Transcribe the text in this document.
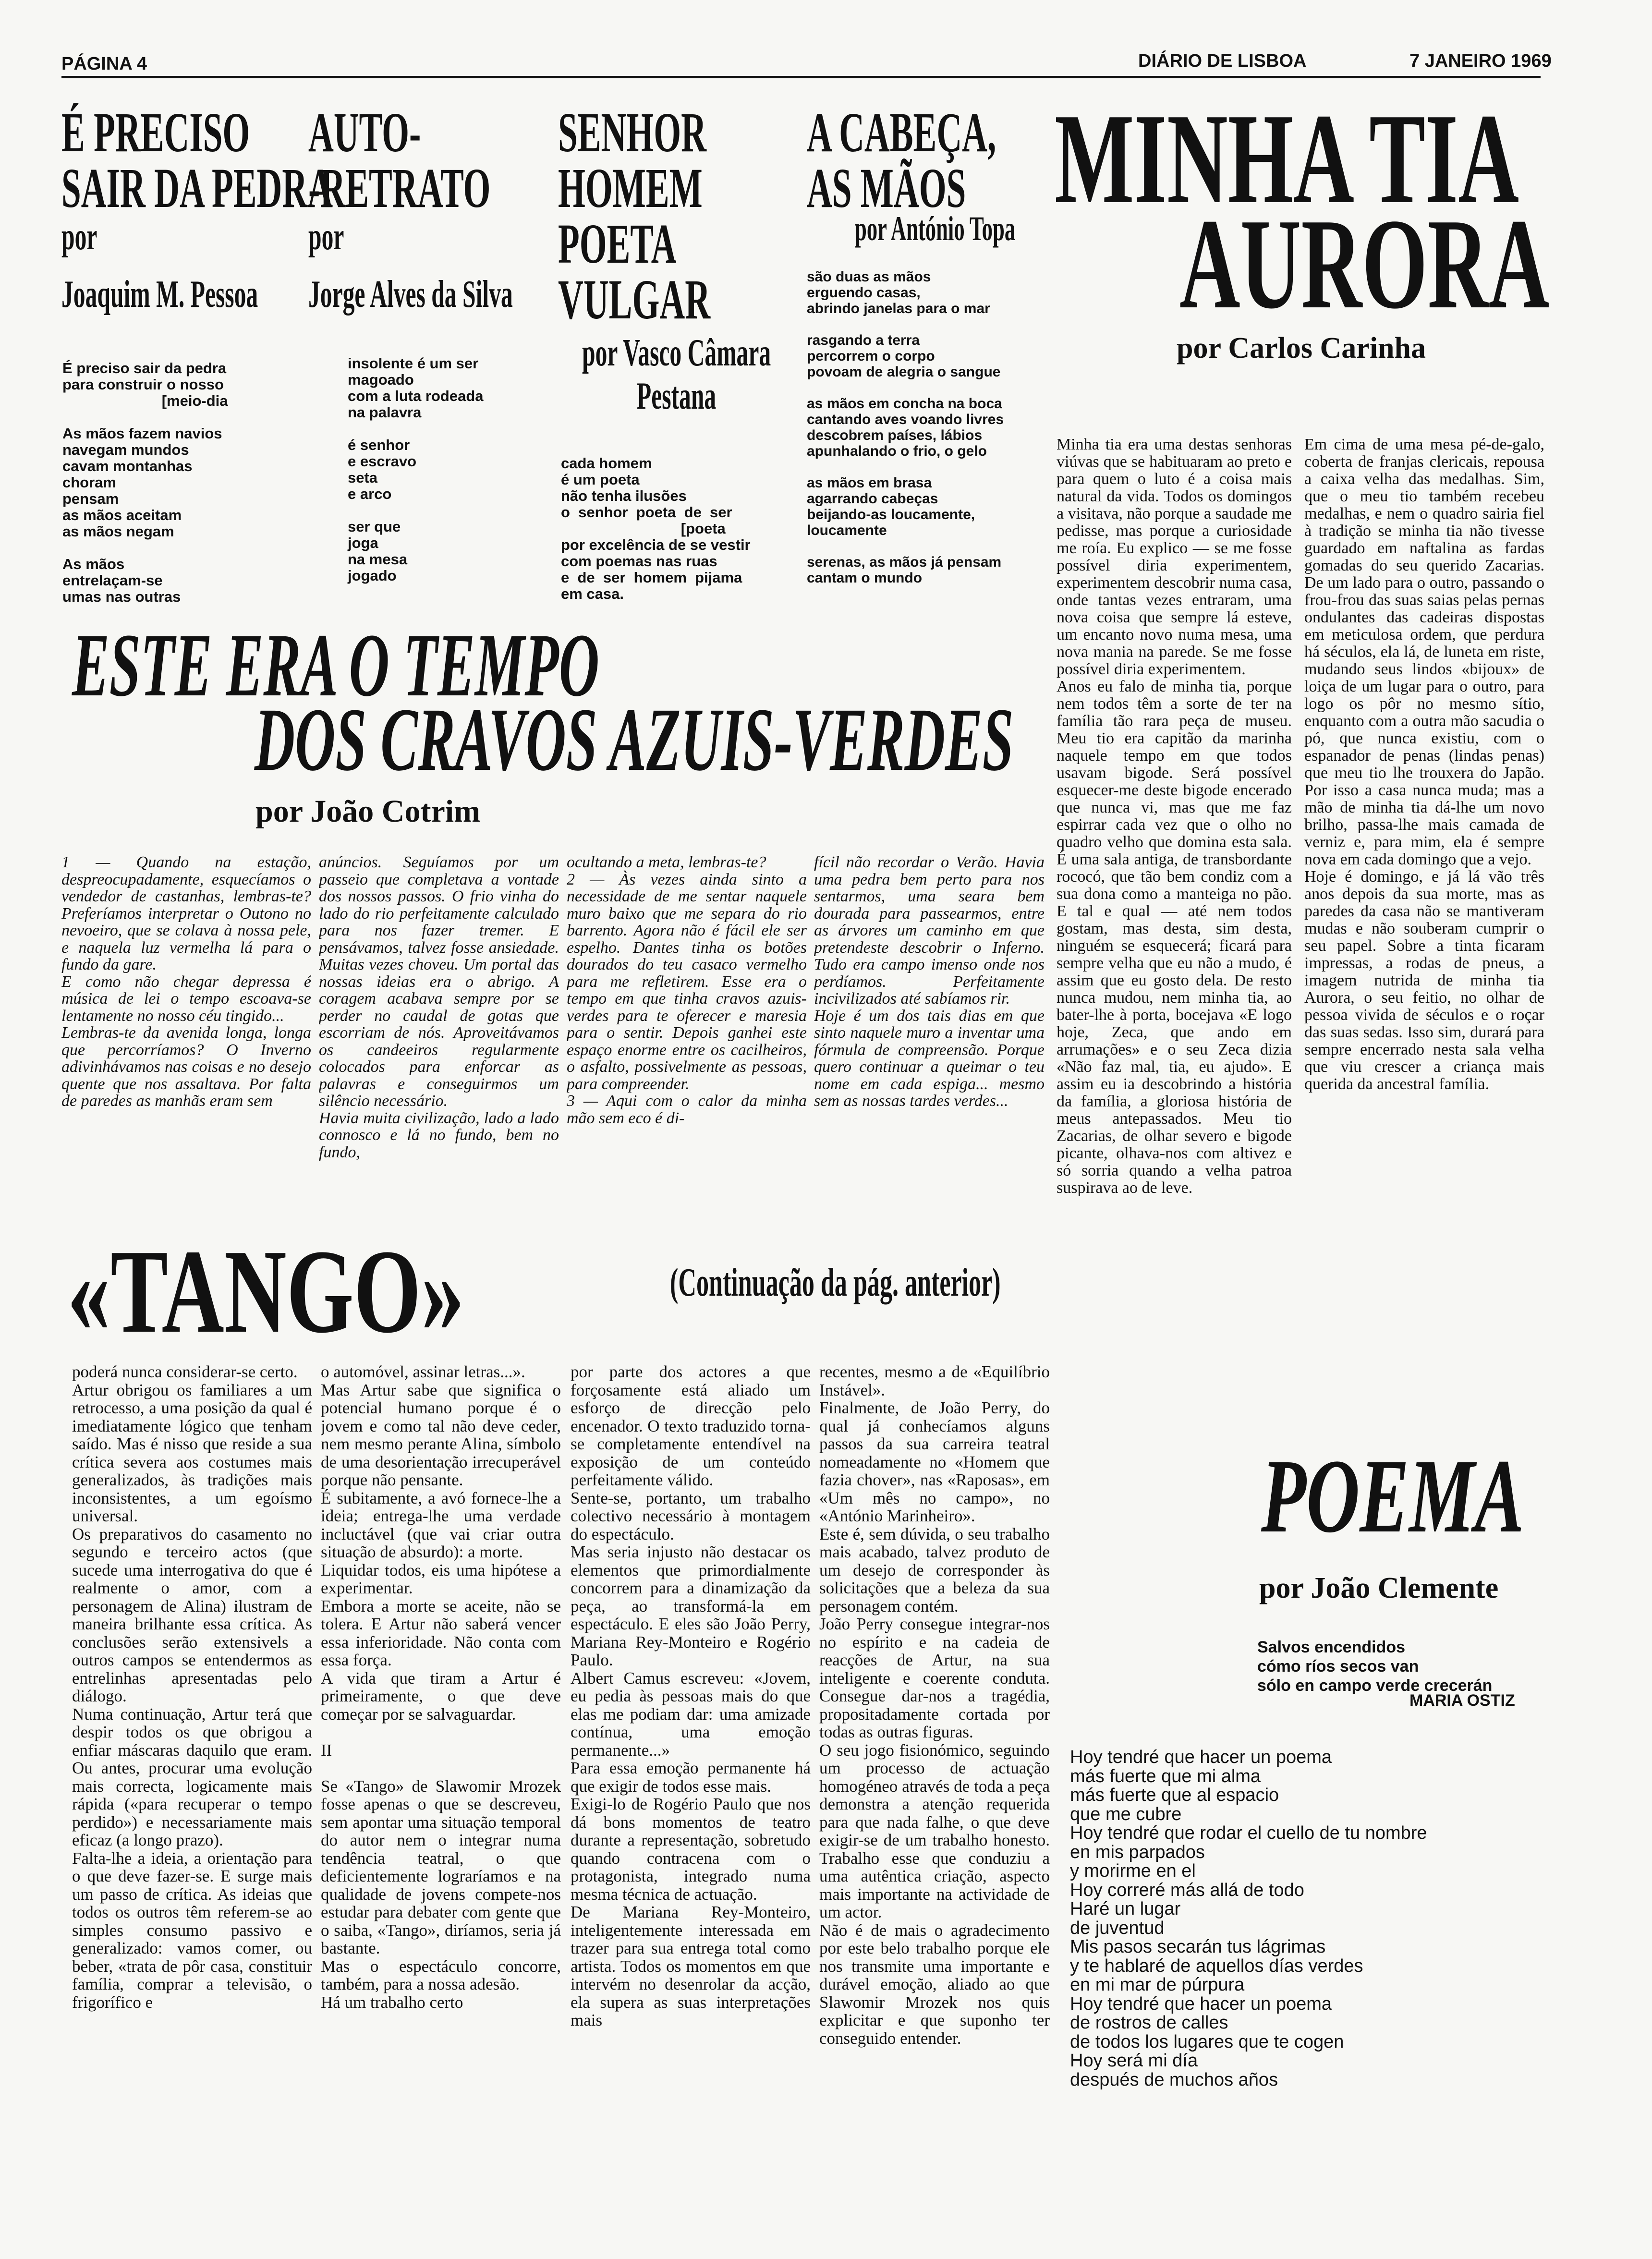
PÁGINA 4	DIÁRIO DE LISBOA	7 JANEIRO 1969
É PRECISO
SAIR DA PEDRA
por
Joaquim M. Pessoa
É preciso sair da pedra
para construir o nosso
[meio-dia

As mãos fazem navios
navegam mundos
cavam montanhas
choram
pensam
as mãos aceitam
as mãos negam

As mãos
entrelaçam-se
umas nas outras
AUTO-
-RETRATO
por
Jorge Alves da Silva
insolente é um ser
magoado
com a luta rodeada
na palavra

é senhor
e escravo
seta
e arco

ser que
joga
na mesa
jogado
SENHOR
HOMEM
POETA
VULGAR
por Vasco Câmara
Pestana
cada homem
é um poeta
não tenha ilusões
o  senhor  poeta  de  ser
[poeta
por excelência de se vestir
com poemas nas ruas
e  de  ser  homem  pijama
em casa.
A CABEÇA,
AS MÃOS
por António Topa
são duas as mãos
erguendo casas,
abrindo janelas para o mar

rasgando a terra
percorrem o corpo
povoam de alegria o sangue

as mãos em concha na boca
cantando aves voando livres
descobrem países, lábios
apunhalando o frio, o gelo

as mãos em brasa
agarrando cabeças
beijando-as loucamente,
loucamente

serenas, as mãos já pensam
cantam o mundo
MINHA TIA
AURORA
por Carlos Carinha
Minha tia era uma destas senhoras viúvas que se habituaram ao preto e para quem o luto é a coisa mais natural da vida. Todos os domingos a visitava, não porque a saudade me pedisse, mas porque a curiosidade me roía. Eu explico — se me fosse possível diria experimentem, experimentem descobrir numa casa, onde tantas vezes entraram, uma nova coisa que sempre lá esteve, um encanto novo numa mesa, uma nova mania na parede. Se me fosse possível diria experimentem.
Anos eu falo de minha tia, porque nem todos têm a sorte de ter na família tão rara peça de museu. Meu tio era capitão da marinha naquele tempo em que todos usavam bigode. Será possível esquecer-me deste bigode encerado que nunca vi, mas que me faz espirrar cada vez que o olho no quadro velho que domina esta sala. É uma sala antiga, de transbordante rococó, que tão bem condiz com a sua dona como a manteiga no pão. E tal e qual — até nem todos gostam, mas desta, sim desta, ninguém se esquecerá; ficará para sempre velha que eu não a mudo, é assim que eu gosto dela. De resto nunca mudou, nem minha tia, ao bater-lhe à porta, bocejava «E logo hoje, Zeca, que ando em arrumações» e o seu Zeca dizia «Não faz mal, tia, eu ajudo». E assim eu ia descobrindo a história da família, a gloriosa história de meus antepassados. Meu tio Zacarias, de olhar severo e bigode picante, olhava-nos com altivez e só sorria quando a velha patroa suspirava ao de leve.
Em cima de uma mesa pé-de-galo, coberta de franjas clericais, repousa a caixa velha das medalhas. Sim, que o meu tio também recebeu medalhas, e nem o quadro sairia fiel à tradição se minha tia não tivesse guardado em naftalina as fardas gomadas do seu querido Zacarias. De um lado para o outro, passando o frou-frou das suas saias pelas pernas ondulantes das cadeiras dispostas em meticulosa ordem, que perdura há séculos, ela lá, de luneta em riste, mudando seus lindos «bijoux» de loiça de um lugar para o outro, para logo os pôr no mesmo sítio, enquanto com a outra mão sacudia o pó, que nunca existiu, com o espanador de penas (lindas penas) que meu tio lhe trouxera do Japão. Por isso a casa nunca muda; mas a mão de minha tia dá-lhe um novo brilho, passa-lhe mais camada de verniz e, para mim, ela é sempre nova em cada domingo que a vejo.
Hoje é domingo, e já lá vão três anos depois da sua morte, mas as paredes da casa não se mantiveram mudas e não souberam cumprir o seu papel. Sobre a tinta ficaram impressas, a rodas de pneus, a imagem nutrida de minha tia Aurora, o seu feitio, no olhar de pessoa vivida de séculos e o roçar das suas sedas. Isso sim, durará para sempre encerrado nesta sala velha que viu crescer a criança mais querida da ancestral família.
ESTE ERA O TEMPO
DOS CRAVOS AZUIS-VERDES
por João Cotrim
1 — Quando na estação, despreocupadamente, esquecíamos o vendedor de castanhas, lembras-te? Preferíamos interpretar o Outono no nevoeiro, que se colava à nossa pele, e naquela luz vermelha lá para o fundo da gare.
E como não chegar depressa é música de lei o tempo escoava-se lentamente no nosso céu tingido...
Lembras-te da avenida longa, longa que percorríamos? O Inverno adivinhávamos nas coisas e no desejo quente que nos assaltava. Por falta de paredes as manhãs eram sem
anúncios. Seguíamos por um passeio que completava a vontade dos nossos passos. O frio vinha do lado do rio perfeitamente calculado para nos fazer tremer. E pensávamos, talvez fosse ansiedade. Muitas vezes choveu. Um portal das nossas ideias era o abrigo. A coragem acabava sempre por se perder no caudal de gotas que escorriam de nós. Aproveitávamos os candeeiros regularmente colocados para enforcar as palavras e conseguirmos um silêncio necessário.
Havia muita civilização, lado a lado connosco e lá no fundo, bem no fundo,
ocultando a meta, lembras-te?
2 — Às vezes ainda sinto a necessidade de me sentar naquele muro baixo que me separa do rio barrento. Agora não é fácil ele ser espelho. Dantes tinha os botões dourados do teu casaco vermelho para me refletirem. Esse era o tempo em que tinha cravos azuis-verdes para te oferecer e maresia para o sentir. Depois ganhei este espaço enorme entre os cacilheiros, o asfalto, possivelmente as pessoas, para compreender.
3 — Aqui com o calor da minha mão sem eco é di-
fícil não recordar o Verão. Havia uma pedra bem perto para nos sentarmos, uma seara bem dourada para passearmos, entre as árvores um caminho em que pretendeste descobrir o Inferno. Tudo era campo imenso onde nos perdíamos. Perfeitamente incivilizados até sabíamos rir.
Hoje é um dos tais dias em que sinto naquele muro a inventar uma fórmula de compreensão. Porque quero continuar a queimar o teu nome em cada espiga... mesmo sem as nossas tardes verdes...
«TANGO»	(Continuação da pág. anterior)
poderá nunca considerar-se certo.
Artur obrigou os familiares a um retrocesso, a uma posição da qual é imediatamente lógico que tenham saído. Mas é nisso que reside a sua crítica severa aos costumes mais generalizados, às tradições mais inconsistentes, a um egoísmo universal.
Os preparativos do casamento no segundo e terceiro actos (que sucede uma interrogativa do que é realmente o amor, com a personagem de Alina) ilustram de maneira brilhante essa crítica. As conclusões serão extensivels a outros campos se entendermos as entrelinhas apresentadas pelo diálogo.
Numa continuação, Artur terá que despir todos os que obrigou a enfiar máscaras daquilo que eram. Ou antes, procurar uma evolução mais correcta, logicamente mais rápida («para recuperar o tempo perdido») e necessariamente mais eficaz (a longo prazo).
Falta-lhe a ideia, a orientação para o que deve fazer-se. E surge mais um passo de crítica. As ideias que todos os outros têm referem-se ao simples consumo passivo e generalizado: vamos comer, ou beber, «trata de pôr casa, constituir família, comprar a televisão, o frigorífico e
o automóvel, assinar letras...».
Mas Artur sabe que significa o potencial humano porque é o jovem e como tal não deve ceder, nem mesmo perante Alina, símbolo de uma desorientação irrecuperável porque não pensante.
É subitamente, a avó fornece-lhe a ideia; entrega-lhe uma verdade incluctável (que vai criar outra situação de absurdo): a morte.
Liquidar todos, eis uma hipótese a experimentar.
Embora a morte se aceite, não se tolera. E Artur não saberá vencer essa inferioridade. Não conta com essa força.
A vida que tiram a Artur é primeiramente, o que deve começar por se salvaguardar.

II

Se «Tango» de Slawomir Mrozek fosse apenas o que se descreveu, sem apontar uma situação temporal do autor nem o integrar numa tendência teatral, o que deficientemente lograríamos e na qualidade de jovens compete-nos estudar para debater com gente que o saiba, «Tango», diríamos, seria já bastante.
Mas o espectáculo concorre, também, para a nossa adesão.
Há um trabalho certo
por parte dos actores a que forçosamente está aliado um esforço de direcção pelo encenador. O texto traduzido torna-se completamente entendível na exposição de um conteúdo perfeitamente válido.
Sente-se, portanto, um trabalho colectivo necessário à montagem do espectáculo.
Mas seria injusto não destacar os elementos que primordialmente concorrem para a dinamização da peça, ao transformá-la em espectáculo. E eles são João Perry, Mariana Rey-Monteiro e Rogério Paulo.
Albert Camus escreveu: «Jovem, eu pedia às pessoas mais do que elas me podiam dar: uma amizade contínua, uma emoção permanente...»
Para essa emoção permanente há que exigir de todos esse mais.
Exigi-lo de Rogério Paulo que nos dá bons momentos de teatro durante a representação, sobretudo quando contracena com o protagonista, integrado numa mesma técnica de actuação.
De Mariana Rey-Monteiro, inteligentemente interessada em trazer para sua entrega total como artista. Todos os momentos em que intervém no desenrolar da acção, ela supera as suas interpretações mais
recentes, mesmo a de «Equilíbrio Instável».
Finalmente, de João Perry, do qual já conhecíamos alguns passos da sua carreira teatral nomeadamente no «Homem que fazia chover», nas «Raposas», em «Um mês no campo», no «António Marinheiro».
Este é, sem dúvida, o seu trabalho mais acabado, talvez produto de um desejo de corresponder às solicitações que a beleza da sua personagem contém.
João Perry consegue integrar-nos no espírito e na cadeia de reacções de Artur, na sua inteligente e coerente conduta. Consegue dar-nos a tragédia, propositadamente cortada por todas as outras figuras.
O seu jogo fisionómico, seguindo um processo de actuação homogéneo através de toda a peça demonstra a atenção requerida para que nada falhe, o que deve exigir-se de um trabalho honesto. Trabalho esse que conduziu a uma autêntica criação, aspecto mais importante na actividade de um actor.
Não é de mais o agradecimento por este belo trabalho porque ele nos transmite uma importante e durável emoção, aliado ao que Slawomir Mrozek nos quis explicitar e que suponho ter conseguido entender.
POEMA
por João Clemente
Salvos encendidos
cómo ríos secos van
sólo en campo verde crecerán
MARIA OSTIZ
Hoy tendré que hacer un poema
más fuerte que mi alma
más fuerte que al espacio
que me cubre
Hoy tendré que rodar el cuello de tu nombre
en mis parpados
y morirme en el
Hoy correré más allá de todo
Haré un lugar
de juventud
Mis pasos secarán tus lágrimas
y te hablaré de aquellos días verdes
en mi mar de púrpura
Hoy tendré que hacer un poema
de rostros de calles
de todos los lugares que te cogen
Hoy será mi día
después de muchos años
